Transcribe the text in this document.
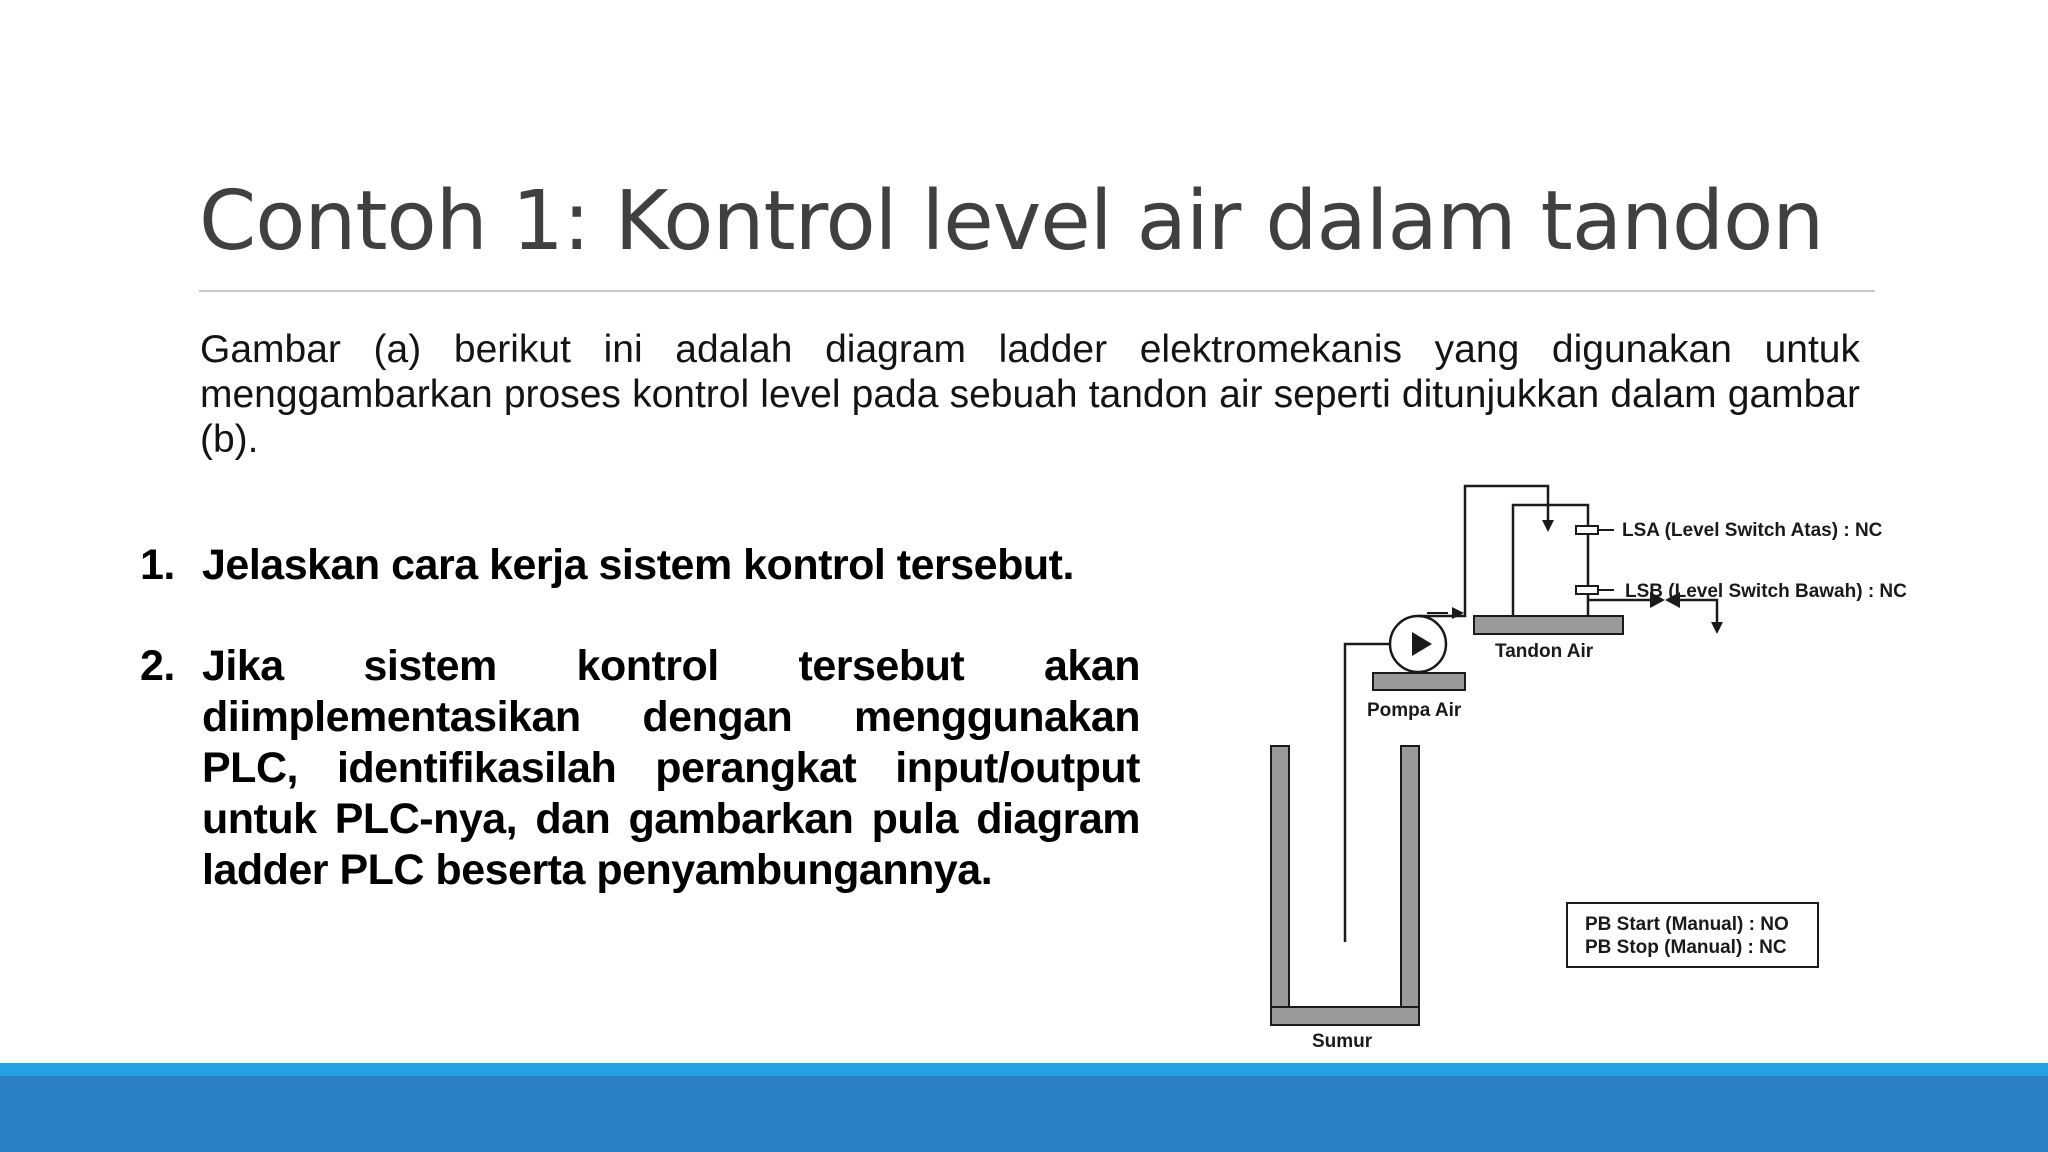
Contoh 1: Kontrol level air dalam tandon

Gambar (a) berikut ini adalah diagram ladder elektromekanis yang digunakan untuk menggambarkan proses kontrol level pada sebuah tandon air seperti ditunjukkan dalam gambar (b).

1. Jelaskan cara kerja sistem kontrol tersebut.
2. Jika sistem kontrol tersebut akan diimplementasikan dengan menggunakan PLC, identifikasilah perangkat input/output untuk PLC-nya, dan gambarkan pula diagram ladder PLC beserta penyambungannya.
LSA (Level Switch Atas) : NC
LSB (Level Switch Bawah) : NC
Tandon Air
Pompa Air
Sumur
PB Start (Manual) : NO
PB Stop (Manual) : NC
